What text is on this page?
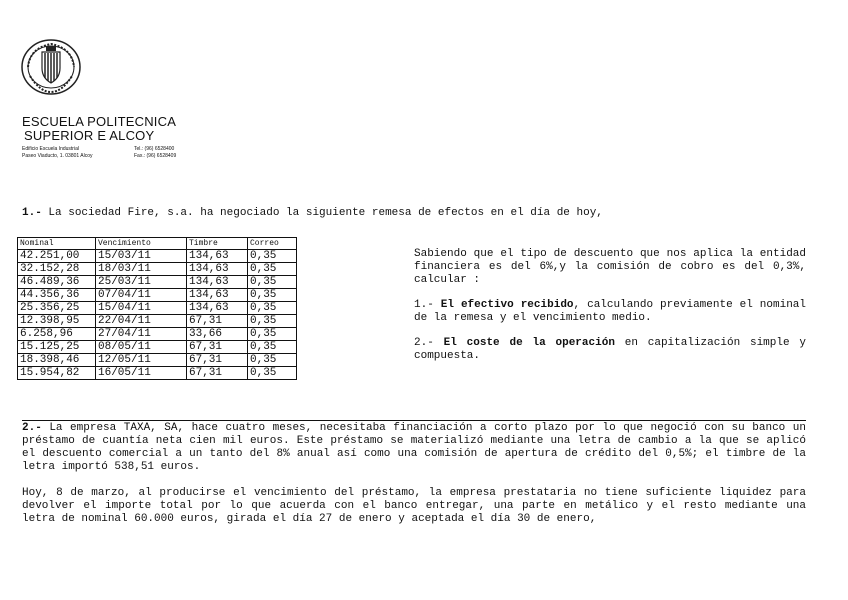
ESCUELA POLITECNICA
SUPERIOR E ALCOY
Edificio Escuela Industrial
Paseo Viaducto, 1. 03801 Alcoy
Tel.: (96) 6528400
Fax.: (96) 6528409
1.- La sociedad Fire, s.a. ha negociado la siguiente remesa de efectos en el día de hoy,
Nominal	Vencimiento	Timbre	Correo
42.251,00	15/03/11	134,63	0,35
32.152,28	18/03/11	134,63	0,35
46.489,36	25/03/11	134,63	0,35
44.356,36	07/04/11	134,63	0,35
25.356,25	15/04/11	134,63	0,35
12.398,95	22/04/11	67,31	0,35
6.258,96	27/04/11	33,66	0,35
15.125,25	08/05/11	67,31	0,35
18.398,46	12/05/11	67,31	0,35
15.954,82	16/05/11	67,31	0,35

Sabiendo que el tipo de descuento que nos aplica la entidad financiera es del 6%,y la comisión de cobro es del 0,3%, calcular :

1.- El efectivo recibido, calculando previamente el nominal de la remesa y el vencimiento medio.

2.- El coste de la operación en capitalización simple y compuesta.

2.- La empresa TAXA, SA, hace cuatro meses, necesitaba financiación a corto plazo por lo que negoció con su banco un préstamo de cuantía neta cien mil euros. Este préstamo se materializó mediante una letra de cambio a la que se aplicó el descuento comercial a un tanto del 8% anual así como una comisión de apertura de crédito del 0,5%; el timbre de la letra importó 538,51 euros.

Hoy, 8 de marzo, al producirse el vencimiento del préstamo, la empresa prestataria no tiene suficiente liquidez para devolver el importe total por lo que acuerda con el banco entregar, una parte en metálico y el resto mediante una letra de nominal 60.000 euros, girada el día 27 de enero y aceptada el día 30 de enero,
